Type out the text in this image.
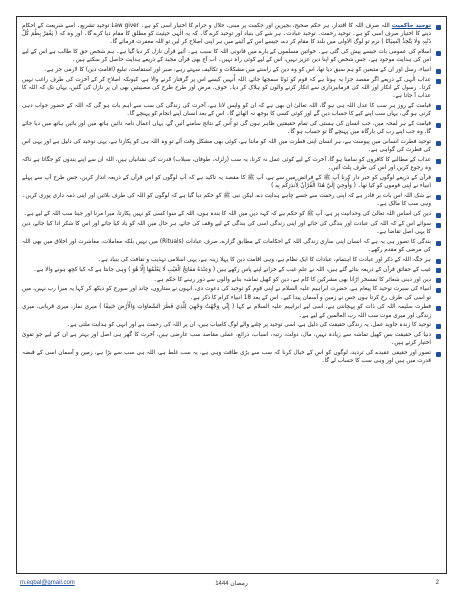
توحید حاکمیت اللہ صرف اللہ کا اقتدار، ہر حکم صحیح، بجیرین اور حکمت پر مبنی، حلال و حرام کا اختیار اسی کو ہے۔ Law giver توحید تشریع۔ اسے شریعت کے احکام دینے کا اختیار صرف اسی کو ہے۔ توحید رحمت۔ توحید عبادت۔ ہر شے کی بنیاد اور توحید کرے گا۔ کہ یہ الٰہی حیثیت کو مطلق کا مقام دیا کرے گا۔ اور وہ کہ ( یَغْفِرُ بِطْمَ کُلَّ ذَنْبِہٖ وَلَا یَتَّخِذُ اِنْسِیَانًا ) نرم تو لوگ الاولی میں بلند کا مقام کر دے، جیسے اس کے آئینے میں ہر اپنی اصلاح کر لیں تو اللہ مغفرت فرمائے گا۔
اسلام کی عمومی بات جیسے پیش کی گئی ہے۔ خواتین مسلموں کے بارے میں قانونی اللہ کا سبب ہے۔ آئیے قرآن نازل کر دیا گیا ہے۔ ہم شخص حق کا طالب ہے اس کے لیے اس کی ہدایت موجود ہے۔ جس شخص کو اپنا دین عزیز نہیں، اس کے لیے کوئی راہ نہیں۔ اب آج بھی قرآن مجید کے ذریعے ہدایت حاصل کر سکتے ہیں۔
انبیاء، رسل اور ان کے متبعین کو ہم سبق دیا تھا، اس کو وہ دین کے راستے میں مشکلات و تکالیف سہتے رہے، صبر اور استقامت، تبلیغ (اقامتِ دین) کا لازمی جز ہے۔
عذاب الٰہی کے ذریعے اگر مقصد جزا یہ ہوتا ہے کہ قوم کو ٹوٹا سمجھا جائے، اللہ اُنہیں کیسے اس پر گرفتار کرنے والا ہے، کیونکہ اصلاح کر کے آخرت کی طرف راغب نہیں کرتا۔ رسول کے انکار اور اللہ کی فرمانبرداری سے انکار کرنے والوں کو ہلاک کر دیا۔ خوف، مرض اور طرح طرح کی مصیبتیں بھی ان پر نازل کی گئیں، یہاں تک کہ اللہ کا عذاب آ جاتا ہے۔
قیامت کے روز ہر سب کا عدل اللہ ہی ہو گا، اللہ تعالیٰ ان بھی ہے کہ ان کو واپس لانا ہے، آخرت کی زندگی کی سب سے اہم بات ہو گی کہ اللہ کے حضور جواب دہی کرنی ہو گی، یہاں سب اپنے کیے کا حساب دیں گے اور کوئی کسی کا بوجھ نہ اٹھائے گا۔ اس کے بعد انسان اپنے انجام کو پہنچے گا۔
قیامت کے ہر لمحہ میں، جب انسان کی ہستی کی تمام حقیقتیں ظاہر ہوں گی تو اُس کے نتائج سامنے آئیں گے، یہاں اعمال نامہ دائیں ہاتھ میں اور بائیں ہاتھ میں دیا جائے گا، وہ جب اپنے رب کی بارگاہ میں پہنچے گا تو حساب ہو گا۔
توحید فطرت انسانی میں پیوست ہے، ہر انسان اپنی فطرت میں اللہ کو مانتا ہے، کوئی بھی مشکل وقت آئے تو وہ اللہ ہی کو پکارتا ہے، یہی توحید کی دلیل ہے اور یہی اس کی فطرت کی گواہی ہے۔
عذاب کے مطالبے کا کافروں کو سامنا ہو گا، آخرت کے لیے کوئی عمل نہ کرنا، یہ سب (زلزلہ، طوفان، سیلاب) قدرت کی نشانیاں ہیں، اللہ ان سے اپنے بندوں کو جگاتا ہے تاکہ وہ رجوع کریں اور اس کی طرف پلٹ آئیں۔
قرآن کے ذریعے لوگوں کو خبر دار کرنا آپ ﷺ کے فرائض میں سے ہے، آپ ﷺ کا مقصد یہ تاکید ہے کہ آپ لوگوں کو اس قرآن کے ذریعہ انذار کریں، جس طرح آپ سے پہلے انبیاء نے اپنی قوموں کو کیا تھا۔ ( وَأُوحِيَ إِلَيَّ هَٰذَا الْقُرْآنُ لِأُنذِرَكُم بِهِ )
بے شک اللہ اس بات پر قادر ہے کہ اپنی رحمت سے جسے چاہے ہدایت دے، لیکن نبی ﷺ کو حکم دیا گیا ہے کہ لوگوں کو اللہ کی طرف بلائیں اور اپنی ذمہ داری پوری کریں۔ وہی سب کا مالک ہے۔
دین کی اساس اللہ تعالیٰ کی وحدانیت پر ہے، آپ ﷺ کو حکم ہے کہ کہہ دیں میں اللہ کا بندہ ہوں، اللہ کے سوا کسی کو نہیں پکارتا، میرا مرنا اور جینا سب اللہ کے لیے ہے۔
سوائے اس کے کہ اللہ کی عبادت اور بندگی کی جائے اور اپنی زندگی اسی کی بندگی کے لیے وقف کی جائے، ہر حال میں اللہ کو یاد کیا جائے اور اس کا شکر ادا کیا جائے، دین کا یہی اصل تقاضا ہے۔
بندگی کا تصور ہی یہ ہے کہ انسان اپنی ساری زندگی اللہ کے احکامات کے مطابق گزارے، صرف عبادات (Rituals) میں نہیں بلکہ معاملات، معاشرت اور اخلاق میں بھی اللہ کی مرضی کو مقدم رکھے۔
ہر جگہ اللہ کے ذکر اور عبادت کا اہتمام، عبادات کا ایک نظام ہے، وہی اقامت دین کا پہلا زینہ ہے، یہی اسلامی تہذیب و ثقافت کی بنیاد ہے۔
غیب کے حقائق قرآن کے ذریعہ بتائے گئے ہیں، اللہ نے علمِ غیب کے خزانے اپنے پاس رکھے ہیں ( وَعِنْدَهُ مَفَاتِحُ الْغَيْبِ لَا يَعْلَمُهَا إِلَّا هُوَ ) وہی جانتا ہے کہ کیا کچھ ہونے والا ہے۔
دین اور دینی شعائر کا تمسخر اڑانا بھی مشرکین کا کام ہے، دین کو کھیل تماشہ بنانے والوں سے دور رہنے کا حکم ہے۔
انبیاء کی سیرت توحید کا پیغام ہے، حضرت ابراہیم علیہ السلام نے اپنی قوم کو توحید کی دعوت دی، انہوں نے ستاروں، چاند اور سورج کو دیکھ کر کہا یہ میرا رب نہیں، میں تو اسی کی طرف رخ کرتا ہوں جس نے زمین و آسمان پیدا کیے۔ اس کے بعد 18 انبیاء کرام کا ذکر ہے۔
فطرت سلیمہ اللہ کی ذات کو پہچانتی ہے، اسی لیے ابراہیم علیہ السلام نے کہا ( إِنِّي وَجَّهْتُ وَجْهِيَ لِلَّذِي فَطَرَ السَّمَاوَاتِ وَالْأَرْضَ حَنِيفًا ) میری نماز، میری قربانی، میری زندگی اور میری موت سب اللہ رب العالمین کے لیے ہے۔
توحید کا زندہ جاوید عمل، یہ زندگی حقیقت کی دلیل ہے، اسی توحید پر چلنے والے لوگ کامیاب ہیں، ان پر اللہ کی رحمت ہے اور انہی کو ہدایت ملتی ہے۔
دنیا کی حقیقت بس کھیل تماشہ سے زیادہ نہیں، مال، دولت، رتبہ، اسباب، ذرائع، عملی مقاصد سب عارضی ہیں، آخرت کا گھر ہی اصل اور بہتر ہے ان کے لیے جو تقویٰ اختیار کرتے ہیں۔
تصور اور حقیقی عقیدے کی تردید، لوگوں کو اس کے خیال کرنا کہ سب سے بڑی طاقت وہی ہے، یہ سب غلط ہے، اللہ ہی سب سے بڑا ہے، زمین و آسمان اسی کے قبضہ قدرت میں ہیں اور وہی سب کا حساب لے گا۔
m.eqbal@gmail.com	رمضان 1444	2
